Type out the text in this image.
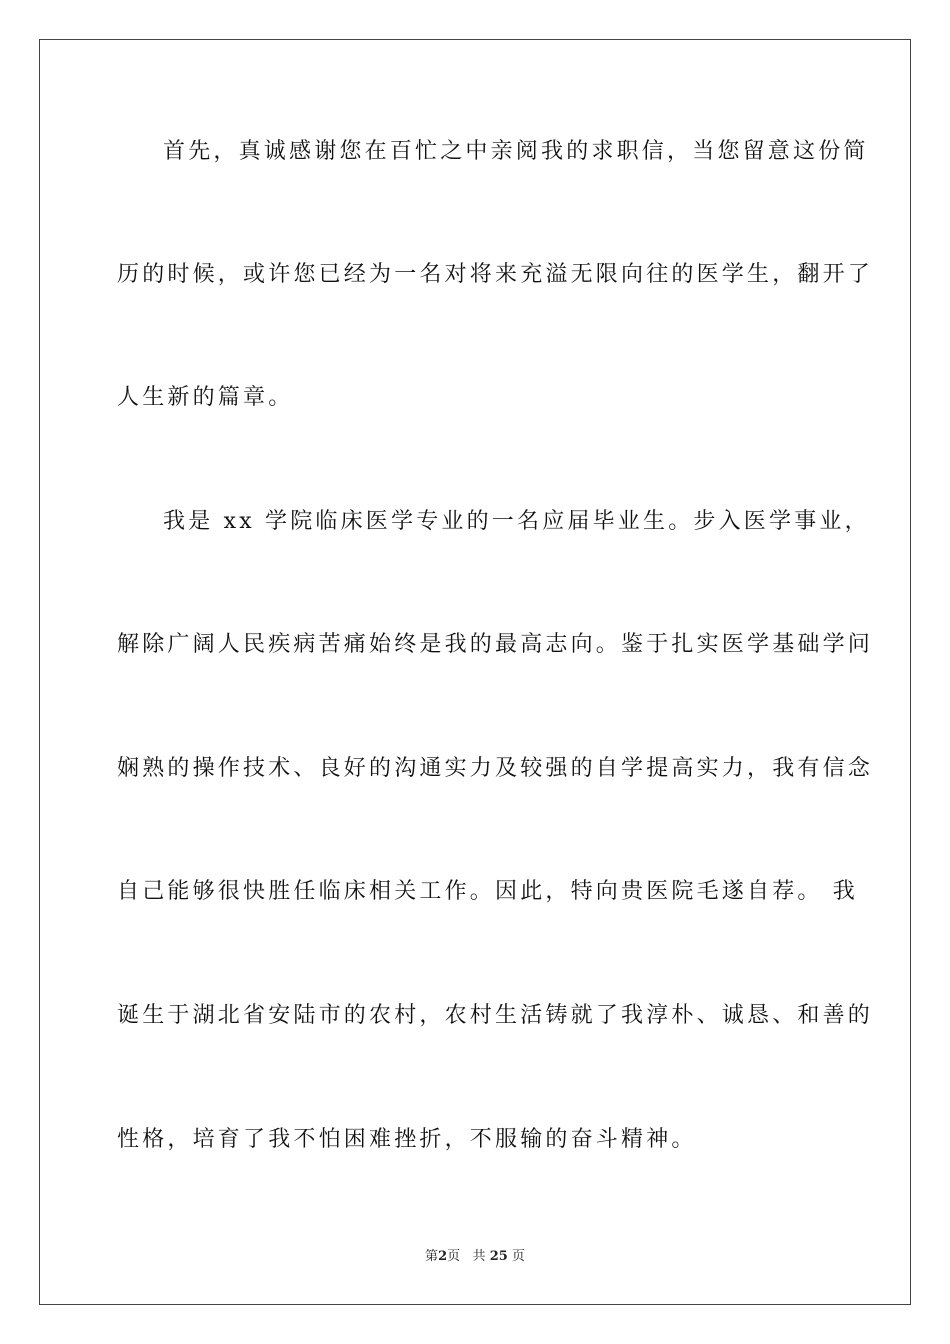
首先，真诚感谢您在百忙之中亲阅我的求职信，当您留意这份简
历的时候，或许您已经为一名对将来充溢无限向往的医学生，翻开了
人生新的篇章。
我是 xx 学院临床医学专业的一名应届毕业生。步入医学事业，
解除广阔人民疾病苦痛始终是我的最高志向。鉴于扎实医学基础学问
娴熟的操作技术、良好的沟通实力及较强的自学提高实力，我有信念
自己能够很快胜任临床相关工作。因此，特向贵医院毛遂自荐。 我
诞生于湖北省安陆市的农村，农村生活铸就了我淳朴、诚恳、和善的
性格，培育了我不怕困难挫折，不服输的奋斗精神。
第2页 共 25 页
